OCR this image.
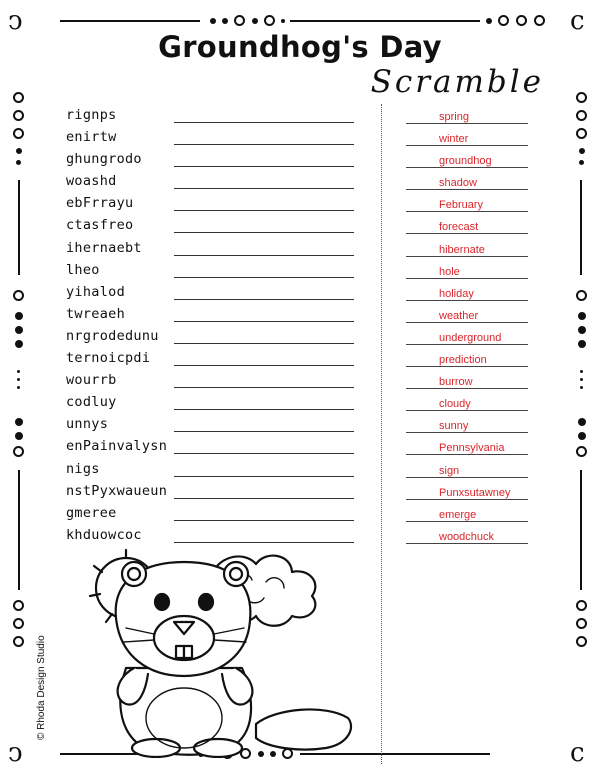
ↄ	c
ↄ	c
Groundhog's Day
Scramble
rignps
enirtw
ghungrodo
woashd
ebFrrayu
ctasfreo
ihernaebt
lheo
yihalod
twreaeh
nrgrodedunu
ternoicpdi
wourrb
codluy
unnys
enPainvalysn
nigs
nstPyxwaueun
gmeree
khduowcoc
spring
winter
groundhog
shadow
February
forecast
hibernate
hole
holiday
weather
underground
prediction
burrow
cloudy
sunny
Pennsylvania
sign
Punxsutawney
emerge
woodchuck
© Rhoda Design Studio
